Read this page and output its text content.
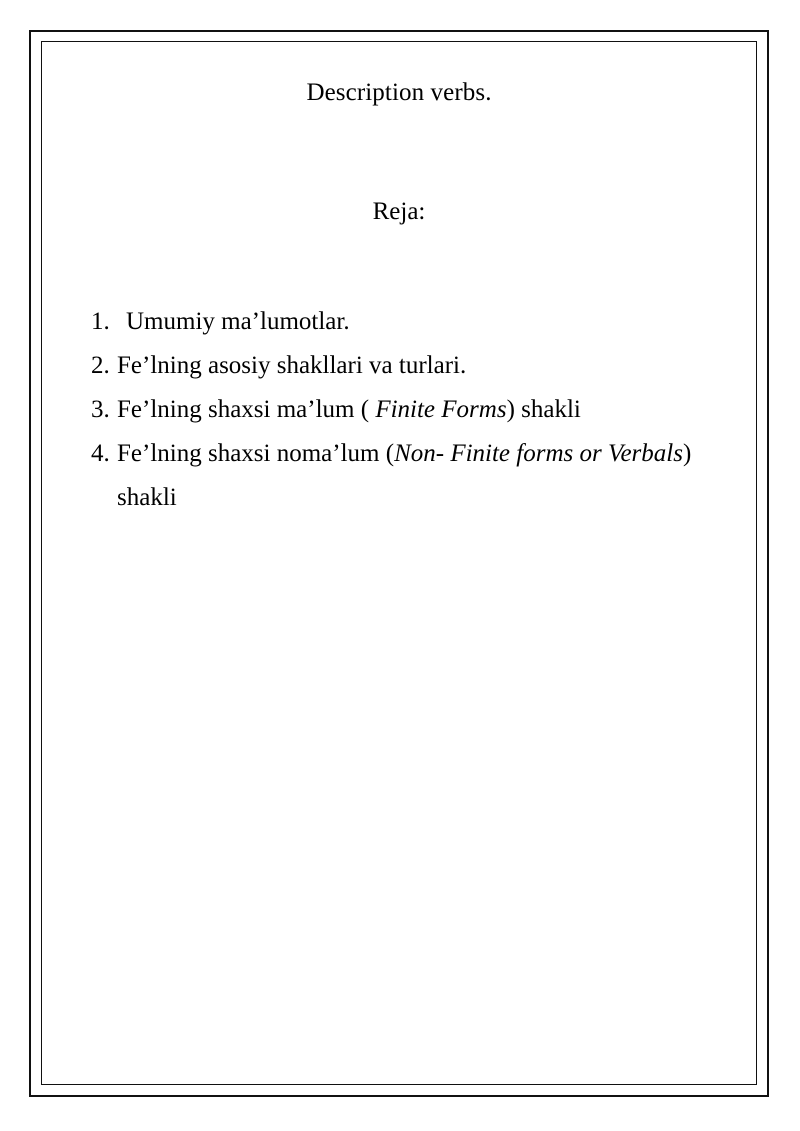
Description verbs.
Reja:
1. Umumiy ma’lumotlar.
2. Fe’lning asosiy shakllari va turlari.
3. Fe’lning shaxsi ma’lum ( Finite Forms) shakli
4. Fe’lning shaxsi noma’lum (Non- Finite forms or Verbals) shakli
